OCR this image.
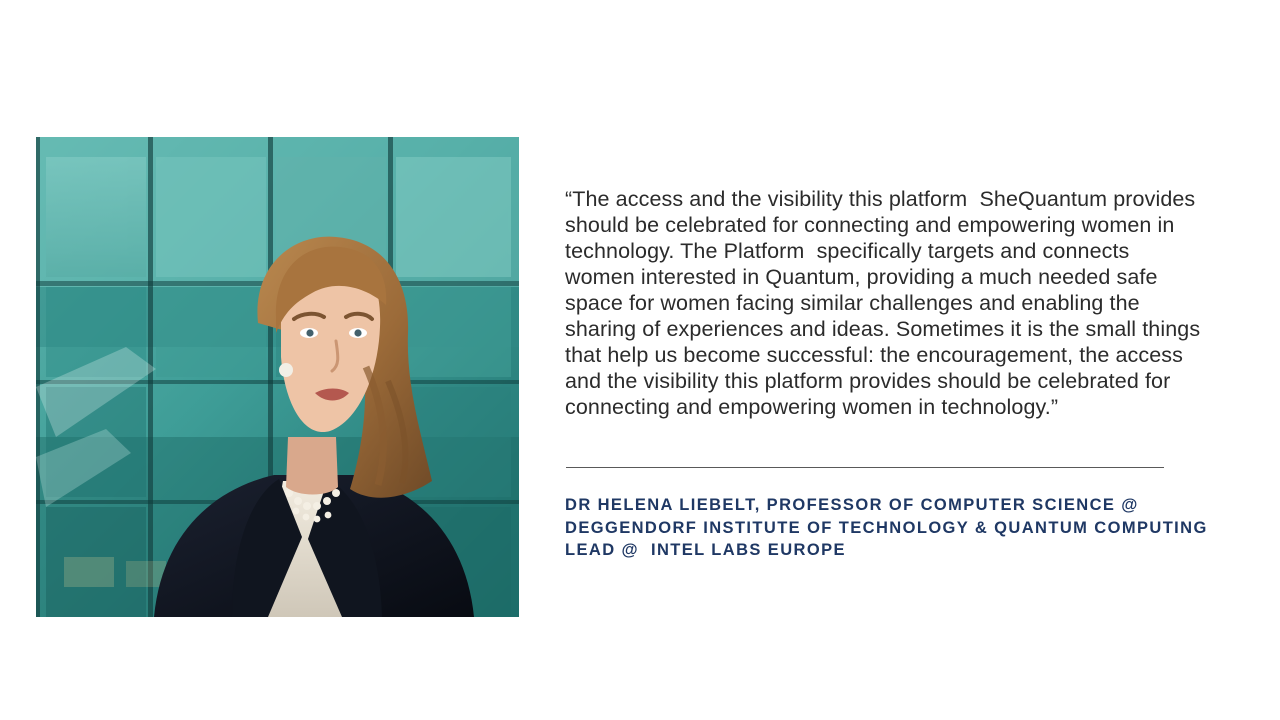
“The access and the visibility this platform  SheQuantum provides should be celebrated for connecting and empowering women in technology. The Platform  specifically targets and connects women interested in Quantum, providing a much needed safe space for women facing similar challenges and enabling the sharing of experiences and ideas. Sometimes it is the small things that help us become successful: the encouragement, the access and the visibility this platform provides should be celebrated for connecting and empowering women in technology.”

DR HELENA LIEBELT, PROFESSOR OF COMPUTER SCIENCE @ DEGGENDORF INSTITUTE OF TECHNOLOGY & QUANTUM COMPUTING LEAD @  INTEL LABS EUROPE
